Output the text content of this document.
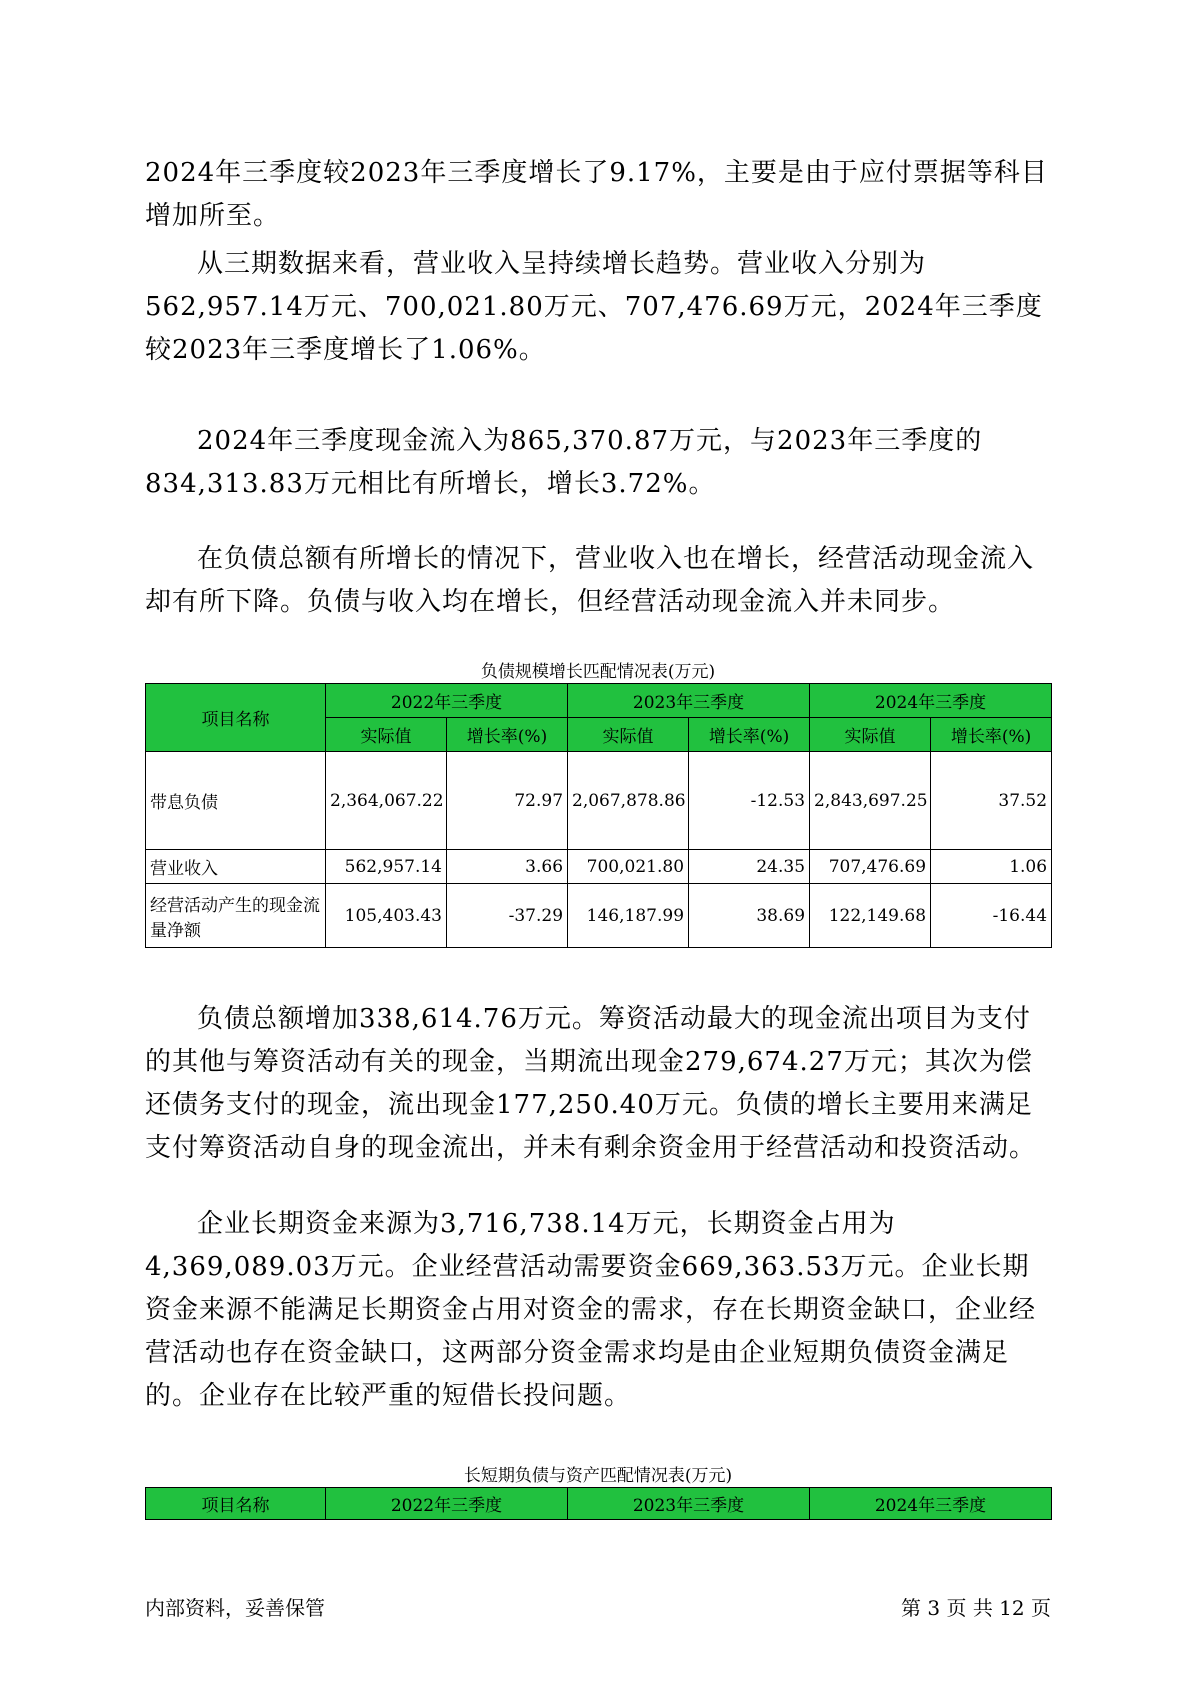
2024年三季度较2023年三季度增长了9.17%，主要是由于应付票据等科目增加所至。

从三期数据来看，营业收入呈持续增长趋势。营业收入分别为562,957.14万元、700,021.80万元、707,476.69万元，2024年三季度较2023年三季度增长了1.06%。

2024年三季度现金流入为865,370.87万元，与2023年三季度的834,313.83万元相比有所增长，增长3.72%。

在负债总额有所增长的情况下，营业收入也在增长，经营活动现金流入却有所下降。负债与收入均在增长，但经营活动现金流入并未同步。

负债规模增长匹配情况表(万元)
项目名称	2022年三季度		2023年三季度		2024年三季度	
	实际值	增长率(%)	实际值	增长率(%)	实际值	增长率(%)
带息负债	2,364,067.22	72.97	2,067,878.86	-12.53	2,843,697.25	37.52
营业收入	562,957.14	3.66	700,021.80	24.35	707,476.69	1.06
经营活动产生的现金流量净额	105,403.43	-37.29	146,187.99	38.69	122,149.68	-16.44

负债总额增加338,614.76万元。筹资活动最大的现金流出项目为支付的其他与筹资活动有关的现金，当期流出现金279,674.27万元；其次为偿还债务支付的现金，流出现金177,250.40万元。负债的增长主要用来满足支付筹资活动自身的现金流出，并未有剩余资金用于经营活动和投资活动。

企业长期资金来源为3,716,738.14万元，长期资金占用为4,369,089.03万元。企业经营活动需要资金669,363.53万元。企业长期资金来源不能满足长期资金占用对资金的需求，存在长期资金缺口，企业经营活动也存在资金缺口，这两部分资金需求均是由企业短期负债资金满足的。企业存在比较严重的短借长投问题。

长短期负债与资产匹配情况表(万元)
项目名称	2022年三季度	2023年三季度	2024年三季度
内部资料，妥善保管	第 3 页 共 12 页
